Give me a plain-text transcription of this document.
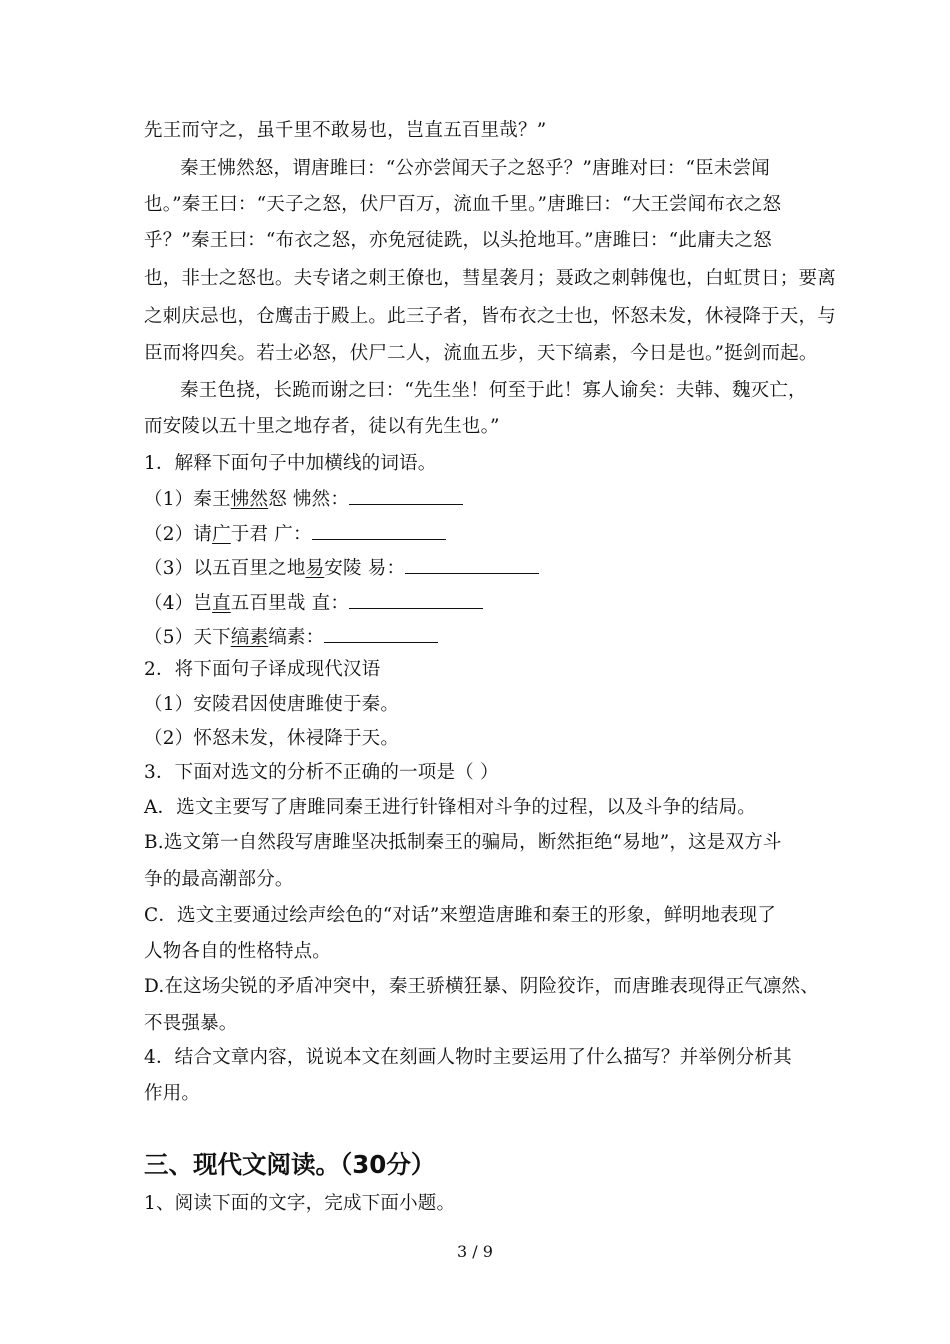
先王而守之，虽千里不敢易也，岂直五百里哉？”
秦王怫然怒，谓唐雎曰：“公亦尝闻天子之怒乎？”唐雎对曰：“臣未尝闻
也。”秦王曰：“天子之怒，伏尸百万，流血千里。”唐雎曰：“大王尝闻布衣之怒
乎？”秦王曰：“布衣之怒，亦免冠徒跣，以头抢地耳。”唐雎曰：“此庸夫之怒
也，非士之怒也。夫专诸之刺王僚也，彗星袭月；聂政之刺韩傀也，白虹贯日；要离
之刺庆忌也，仓鹰击于殿上。此三子者，皆布衣之士也，怀怒未发，休祲降于天，与
臣而将四矣。若士必怒，伏尸二人，流血五步，天下缟素，今日是也。”挺剑而起。
秦王色挠，长跪而谢之曰：“先生坐！何至于此！寡人谕矣：夫韩、魏灭亡，
而安陵以五十里之地存者，徒以有先生也。”
1．解释下面句子中加横线的词语。
（1）秦王怫然怒 怫然：
（2）请广于君 广：
（3）以五百里之地易安陵 易：
（4）岂直五百里哉 直：
（5）天下缟素缟素：
2．将下面句子译成现代汉语
（1）安陵君因使唐雎使于秦。
（2）怀怒未发，休祲降于天。
3．下面对选文的分析不正确的一项是（ ）
A．选文主要写了唐雎同秦王进行针锋相对斗争的过程，以及斗争的结局。
B.选文第一自然段写唐雎坚决抵制秦王的骗局，断然拒绝“易地”，这是双方斗
争的最高潮部分。
C．选文主要通过绘声绘色的“对话”来塑造唐雎和秦王的形象，鲜明地表现了
人物各自的性格特点。
D.在这场尖锐的矛盾冲突中，秦王骄横狂暴、阴险狡诈，而唐雎表现得正气凛然、
不畏强暴。
4．结合文章内容，说说本文在刻画人物时主要运用了什么描写？并举例分析其
作用。
三、现代文阅读。（30分）
1、阅读下面的文字，完成下面小题。
3 / 9
